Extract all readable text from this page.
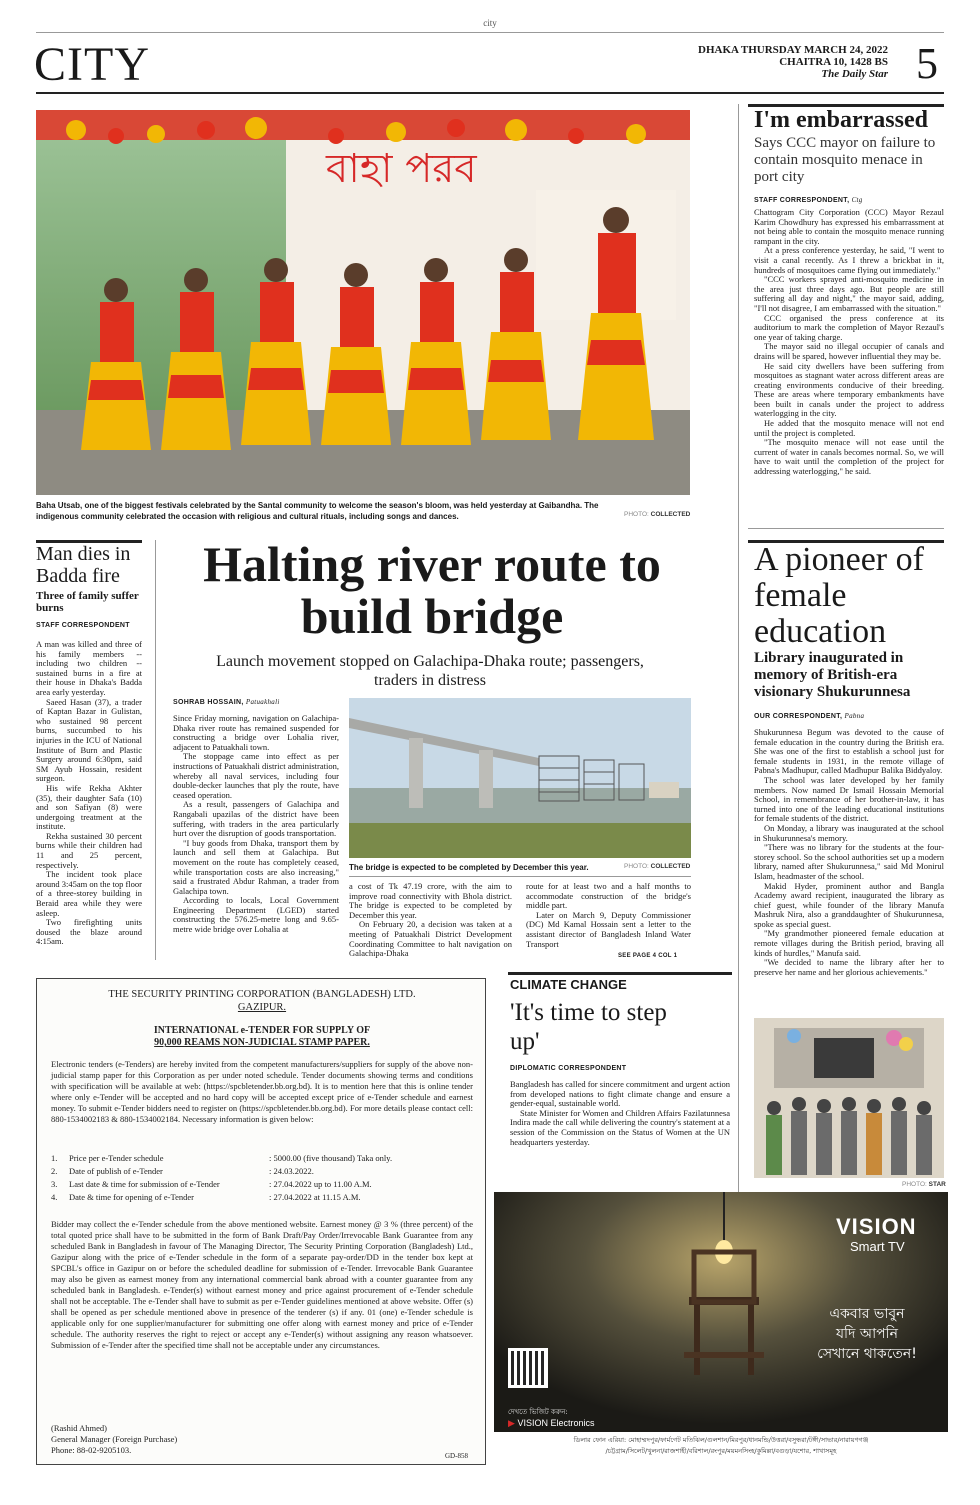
city
CITY	DHAKA THURSDAY MARCH 24, 2022
CHAITRA 10, 1428 BS
The Daily Star 5
বাহা পরব
Baha Utsab, one of the biggest festivals celebrated by the Santal community to welcome the season's bloom, was held yesterday at Gaibandha. The indigenous community celebrated the occasion with religious and cultural rituals, including songs and dances.	PHOTO: COLLECTED
I'm embarrassed
Says CCC mayor on failure to contain mosquito menace in port city
STAFF CORRESPONDENT, Ctg

Chattogram City Corporation (CCC) Mayor Rezaul Karim Chowdhury has expressed his embarrassment at not being able to contain the mosquito menace running rampant in the city.

At a press conference yesterday, he said, "I went to visit a canal recently. As I threw a brickbat in it, hundreds of mosquitoes came flying out immediately."

"CCC workers sprayed anti-mosquito medicine in the area just three days ago. But people are still suffering all day and night," the mayor said, adding, "I'll not disagree, I am embarrassed with the situation."

CCC organised the press conference at its auditorium to mark the completion of Mayor Rezaul's one year of taking charge.

The mayor said no illegal occupier of canals and drains will be spared, however influential they may be.

He said city dwellers have been suffering from mosquitoes as stagnant water across different areas are creating environments conducive of their breeding. These are areas where temporary embankments have been built in canals under the project to address waterlogging in the city.

He added that the mosquito menace will not end until the project is completed.

"The mosquito menace will not ease until the current of water in canals becomes normal. So, we will have to wait until the completion of the project for addressing waterlogging," he said.

Man dies in Badda fire
Three of family suffer burns
STAFF CORRESPONDENT

A man was killed and three of his family members -- including two children -- sustained burns in a fire at their house in Dhaka's Badda area early yesterday.

Saeed Hasan (37), a trader of Kaptan Bazar in Gulistan, who sustained 98 percent burns, succumbed to his injuries in the ICU of National Institute of Burn and Plastic Surgery around 6:30pm, said SM Ayub Hossain, resident surgeon.

His wife Rekha Akhter (35), their daughter Safa (10) and son Safiyan (8) were undergoing treatment at the institute.

Rekha sustained 30 percent burns while their children had 11 and 25 percent, respectively.

The incident took place around 3:45am on the top floor of a three-storey building in Beraid area while they were asleep.

Two firefighting units doused the blaze around 4:15am.

Halting river route to build bridge
Launch movement stopped on Galachipa-Dhaka route; passengers, traders in distress
SOHRAB HOSSAIN, Patuakhali

Since Friday morning, navigation on Galachipa-Dhaka river route has remained suspended for constructing a bridge over Lohalia river, adjacent to Patuakhali town.

The stoppage came into effect as per instructions of Patuakhali district administration, whereby all naval services, including four double-decker launches that ply the route, have ceased operation.

As a result, passengers of Galachipa and Rangabali upazilas of the district have been suffering, with traders in the area particularly hurt over the disruption of goods transportation.

"I buy goods from Dhaka, transport them by launch and sell them at Galachipa. But movement on the route has completely ceased, while transportation costs are also increasing," said a frustrated Abdur Rahman, a trader from Galachipa town.

According to locals, Local Government Engineering Department (LGED) started constructing the 576.25-metre long and 9.65-metre wide bridge over Lohalia at

The bridge is expected to be completed by December this year.	PHOTO: COLLECTED

a cost of Tk 47.19 crore, with the aim to improve road connectivity with Bhola district. The bridge is expected to be completed by December this year.

On February 20, a decision was taken at a meeting of Patuakhali District Development Coordinating Committee to halt navigation on Galachipa-Dhaka

route for at least two and a half months to accommodate construction of the bridge's middle part.

Later on March 9, Deputy Commissioner (DC) Md Kamal Hossain sent a letter to the assistant director of Bangladesh Inland Water Transport

SEE PAGE 4 COL 1
A pioneer of female education
Library inaugurated in memory of British-era visionary Shukurunnesa
OUR CORRESPONDENT, Pabna

Shukurunnesa Begum was devoted to the cause of female education in the country during the British era. She was one of the first to establish a school just for female students in 1931, in the remote village of Pabna's Madhupur, called Madhupur Balika Biddyaloy.

The school was later developed by her family members. Now named Dr Ismail Hossain Memorial School, in remembrance of her brother-in-law, it has turned into one of the leading educational institutions for female students of the district.

On Monday, a library was inaugurated at the school in Shukurunnesa's memory.

"There was no library for the students at the four-storey school. So the school authorities set up a modern library, named after Shukurunnesa," said Md Monirul Islam, headmaster of the school.

Makid Hyder, prominent author and Bangla Academy award recipient, inaugurated the library as chief guest, while founder of the library Manufa Mashruk Nira, also a granddaughter of Shukurunnesa, spoke as special guest.

"My grandmother pioneered female education at remote villages during the British period, braving all kinds of hurdles," Manufa said.

"We decided to name the library after her to preserve her name and her glorious achievements."

PHOTO: STAR
THE SECURITY PRINTING CORPORATION (BANGLADESH) LTD.
GAZIPUR.
INTERNATIONAL e-TENDER FOR SUPPLY OF
90,000 REAMS NON-JUDICIAL STAMP PAPER.
Electronic tenders (e-Tenders) are hereby invited from the competent manufacturers/suppliers for supply of the above non-judicial stamp paper for this Corporation as per under noted schedule. Tender documents showing terms and conditions with specification will be available at web: (https://spcbletender.bb.org.bd). It is to mention here that this is online tender where only e-Tender will be accepted and no hard copy will be accepted except price of e-Tender schedule and earnest money. To submit e-Tender bidders need to register on (https://spcbletender.bb.org.bd). For more details please contact cell: 880-1534002183 & 880-1534002184. Necessary information is given below:
1.	Price per e-Tender schedule	: 5000.00 (five thousand) Taka only.
2.	Date of publish of e-Tender	: 24.03.2022.
3.	Last date & time for submission of e-Tender	: 27.04.2022 up to 11.00 A.M.
4.	Date & time for opening of e-Tender	: 27.04.2022 at 11.15 A.M.
Bidder may collect the e-Tender schedule from the above mentioned website. Earnest money @ 3 % (three percent) of the total quoted price shall have to be submitted in the form of Bank Draft/Pay Order/Irrevocable Bank Guarantee from any scheduled Bank in Bangladesh in favour of The Managing Director, The Security Printing Corporation (Bangladesh) Ltd., Gazipur along with the price of e-Tender schedule in the form of a separate pay-order/DD in the tender box kept at SPCBL's office in Gazipur on or before the scheduled deadline for submission of e-Tender. Irrevocable Bank Guarantee may also be given as earnest money from any international commercial bank abroad with a counter guarantee from any scheduled bank in Bangladesh. e-Tender(s) without earnest money and price against procurement of e-Tender schedule shall not be acceptable. The e-Tender shall have to submit as per e-Tender guidelines mentioned at above website. Offer (s) shall be opened as per schedule mentioned above in presence of the tenderer (s) if any. 01 (one) e-Tender schedule is applicable only for one supplier/manufacturer for submitting one offer along with earnest money and price of e-Tender schedule. The authority reserves the right to reject or accept any e-Tender(s) without assigning any reason whatsoever. Submission of e-Tender after the specified time shall not be acceptable under any circumstances.
(Rashid Ahmed)
General Manager (Foreign Purchase)
Phone: 88-02-9205103.
GD-858
CLIMATE CHANGE
'It's time to step up'
DIPLOMATIC CORRESPONDENT

Bangladesh has called for sincere commitment and urgent action from developed nations to fight climate change and ensure a gender-equal, sustainable world.

State Minister for Women and Children Affairs Fazilatunnesa Indira made the call while delivering the country's statement at a session of the Commission on the Status of Women at the UN headquarters yesterday.

VISION
Smart TV
একবার ভাবুন
যদি আপনি
সেখানে থাকতেন!
দেখতে ভিজিট করুন:
▶ VISION Electronics
ডিলার ফোন এরিয়া: মোহাম্মদপুর/ফার্মগেট মতিঝিল/গুলশান/মিরপুর/ধানমন্ডি/উত্তরা/বসুন্ধরা/টঙ্গী/সাভার/নারায়ণগঞ্জ
/চট্টগ্রাম/সিলেট/খুলনা/রাজশাহী/বরিশাল/রংপুর/ময়মনসিংহ/কুমিল্লা/বগুড়া/যশোর, শাখাসমূহ
